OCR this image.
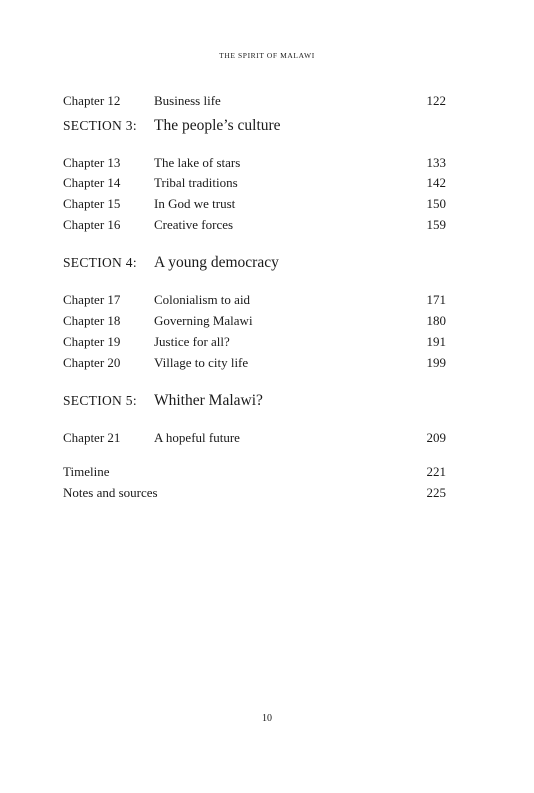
THE SPIRIT OF MALAWI
Chapter 12	Business life	122
SECTION 3: The people’s culture
Chapter 13	The lake of stars	133
Chapter 14	Tribal traditions	142
Chapter 15	In God we trust	150
Chapter 16	Creative forces	159
SECTION 4: A young democracy
Chapter 17	Colonialism to aid	171
Chapter 18	Governing Malawi	180
Chapter 19	Justice for all?	191
Chapter 20	Village to city life	199
SECTION 5: Whither Malawi?
Chapter 21	A hopeful future	209
Timeline	221
Notes and sources	225
10
